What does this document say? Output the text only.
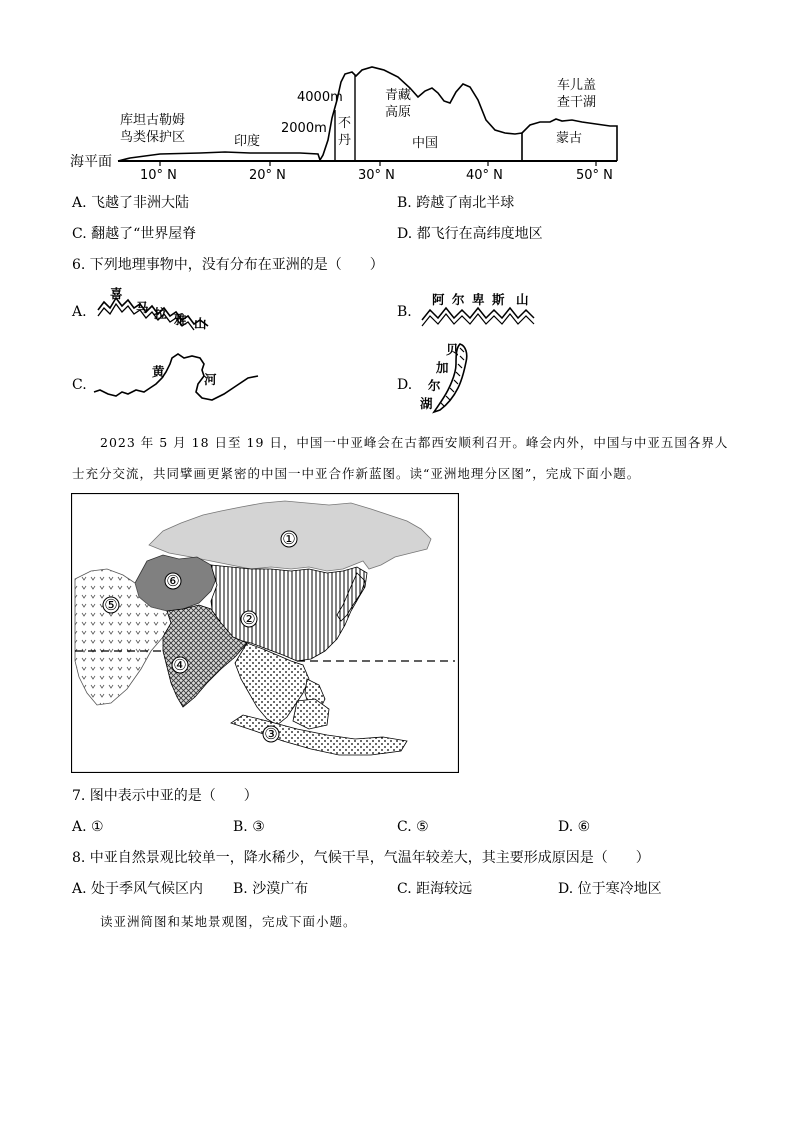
海平面
库坦古勒姆
鸟类保护区	印度
2000m
4000m
不
丹
青藏
高原
中国
车儿盖
查干湖
蒙古
10° N	20° N	30° N	40° N	50° N
A. 飞越了非洲大陆	B. 跨越了南北半球
C. 翻越了“世界屋脊	D. 都飞行在高纬度地区
6. 下列地理事物中，没有分布在亚洲的是（　　）
A.
喜
马 拉 雅 山
B.
阿 尔 卑 斯 山
C.
黄
河	D.
贝
加
尔
湖
2023 年 5 月 18 日至 19 日，中国一中亚峰会在古都西安顺利召开。峰会内外，中国与中亚五国各界人
士充分交流，共同擘画更紧密的中国一中亚合作新蓝图。读“亚洲地理分区图”，完成下面小题。
①
②
③
④
⑤
⑥
7. 图中表示中亚的是（　　）
A. ①	B. ③	C. ⑤	D. ⑥
8. 中亚自然景观比较单一，降水稀少，气候干旱，气温年较差大，其主要形成原因是（　　）
A. 处于季风气候区内 B. 沙漠广布	C. 距海较远	D. 位于寒冷地区
读亚洲简图和某地景观图，完成下面小题。
